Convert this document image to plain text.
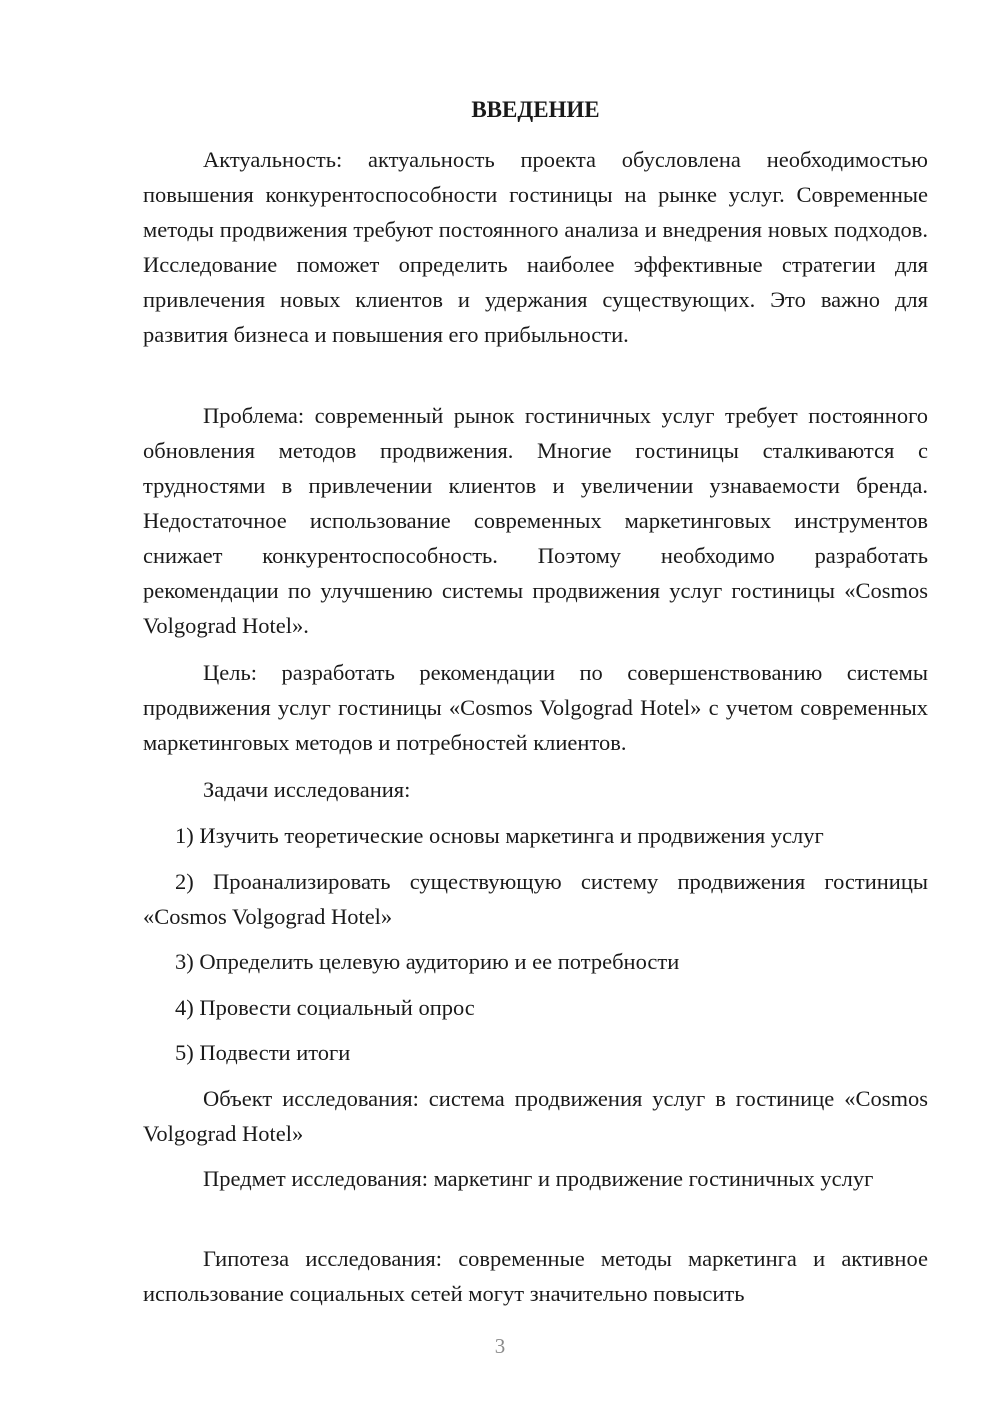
ВВЕДЕНИЕ

Актуальность: актуальность проекта обусловлена необходимостью повышения конкурентоспособности гостиницы на рынке услуг. Современные методы продвижения требуют постоянного анализа и внедрения новых подходов. Исследование поможет определить наиболее эффективные стратегии для привлечения новых клиентов и удержания существующих. Это важно для развития бизнеса и повышения его прибыльности.

Проблема: современный рынок гостиничных услуг требует постоянного обновления методов продвижения. Многие гостиницы сталкиваются с трудностями в привлечении клиентов и увеличении узнаваемости бренда. Недостаточное использование современных маркетинговых инструментов снижает конкурентоспособность. Поэтому необходимо разработать рекомендации по улучшению системы продвижения услуг гостиницы «Cosmos Volgograd Hotel».

Цель: разработать рекомендации по совершенствованию системы продвижения услуг гостиницы «Cosmos Volgograd Hotel» с учетом современных маркетинговых методов и потребностей клиентов.

Задачи исследования:

1) Изучить теоретические основы маркетинга и продвижения услуг

2) Проанализировать существующую систему продвижения гостиницы «Cosmos Volgograd Hotel»

3) Определить целевую аудиторию и ее потребности

4) Провести социальный опрос

5) Подвести итоги

Объект исследования: система продвижения услуг в гостинице «Cosmos Volgograd Hotel»

Предмет исследования: маркетинг и продвижение гостиничных услуг

Гипотеза исследования: современные методы маркетинга и активное использование социальных сетей могут значительно повысить

3
